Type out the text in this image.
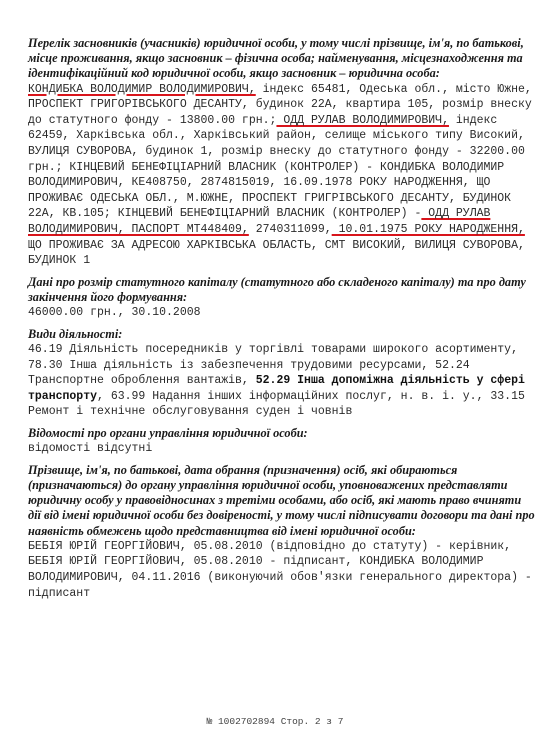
Перелік засновників (учасників) юридичної особи, у тому числі прізвище, ім'я, по батькові, місце проживання, якщо засновник – фізична особа; найменування, місцезнаходження та ідентифікаційний код юридичної особи, якщо засновник – юридична особа:
КОНДИБКА ВОЛОДИМИР ВОЛОДИМИРОВИЧ, індекс 65481, Одеська обл., місто Южне, ПРОСПЕКТ ГРИГОРІВСЬКОГО ДЕСАНТУ, будинок 22А, квартира 105, розмір внеску до статутного фонду - 13800.00 грн.; ОДД РУЛАВ ВОЛОДИМИРОВИЧ, індекс 62459, Харківська обл., Харківський район, селище міського типу Високий, ВУЛИЦЯ СУВОРОВА, будинок 1, розмір внеску до статутного фонду - 32200.00 грн.; КІНЦЕВИЙ БЕНЕФІЦІАРНИЙ ВЛАСНИК (КОНТРОЛЕР) - КОНДИБКА ВОЛОДИМИР ВОЛОДИМИРОВИЧ, КЕ408750, 2874815019, 16.09.1978 РОКУ НАРОДЖЕННЯ, ЩО ПРОЖИВАЄ ОДЕСЬКА ОБЛ., М.ЮЖНЕ, ПРОСПЕКТ ГРИГРІВСЬКОГО ДЕСАНТУ, БУДИНОК 22А, КВ.105; КІНЦЕВИЙ БЕНЕФІЦІАРНИЙ ВЛАСНИК (КОНТРОЛЕР) - ОДД РУЛАВ ВОЛОДИМИРОВИЧ, ПАСПОРТ МТ448409, 2740311099, 10.01.1975 РОКУ НАРОДЖЕННЯ, ЩО ПРОЖИВАЄ ЗА АДРЕСОЮ ХАРКІВСЬКА ОБЛАСТЬ, СМТ ВИСОКИЙ, ВИЛИЦЯ СУВОРОВА, БУДИНОК 1
Дані про розмір статутного капіталу (статутного або складеного капіталу) та про дату закінчення його формування:
46000.00 грн., 30.10.2008
Види діяльності:
46.19 Діяльність посередників у торгівлі товарами широкого асортименту, 78.30 Інша діяльність із забезпечення трудовими ресурсами, 52.24 Транспортне оброблення вантажів, 52.29 Інша допоміжна діяльність у сфері транспорту, 63.99 Надання інших інформаційних послуг, н. в. і. у., 33.15 Ремонт і технічне обслуговування суден і човнів
Відомості про органи управління юридичної особи:
відомості відсутні
Прізвище, ім'я, по батькові, дата обрання (призначення) осіб, які обираються (призначаються) до органу управління юридичної особи, уповноважених представляти юридичну особу у правовідносинах з третіми особами, або осіб, які мають право вчиняти дії від імені юридичної особи без довіреності, у тому числі підписувати договори та дані про наявність обмежень щодо представництва від імені юридичної особи:
БЕБІЯ ЮРІЙ ГЕОРГІЙОВИЧ, 05.08.2010 (відповідно до статуту) - керівник, БЕБІЯ ЮРІЙ ГЕОРГІЙОВИЧ, 05.08.2010 - підписант, КОНДИБКА ВОЛОДИМИР ВОЛОДИМИРОВИЧ, 04.11.2016 (виконуючий обов'язки генерального директора) - підписант
№ 1002702894 Стор. 2 з 7
